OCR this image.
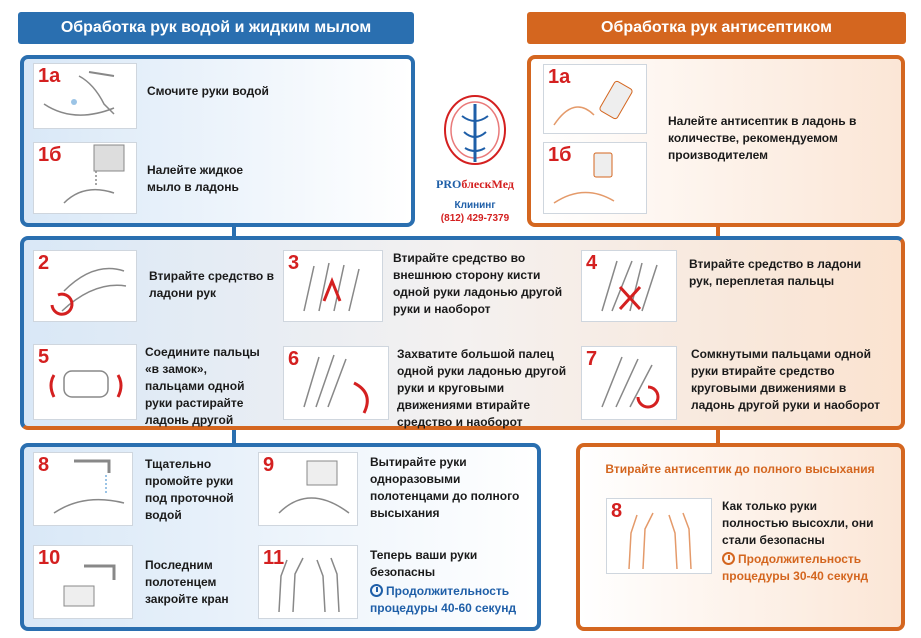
Обработка рук водой и жидким мылом	Обработка рук антисептиком
1а
Смочите руки водой
1б
Налейте жидкое мыло в ладонь	PROблескМед
Клининг
(812) 429-7379
1а
1б
Налейте антисептик в ладонь в количестве, рекомендуемом производителем
2
Втирайте средство в ладони рук
3	Втирайте средство во внешнюю сторону кисти одной руки ладонью другой руки и наоборот
4	Втирайте средство в ладони рук, переплетая пальцы
5	Соедините пальцы «в замок», пальцами одной руки растирайте ладонь другой
6	Захватите большой палец одной руки ладонью другой руки и круговыми движениями втирайте средство и наоборот
7	Сомкнутыми пальцами одной руки втирайте средство круговыми движениями в ладонь другой руки и наоборот
8	Тщательно промойте руки под проточной водой
9	Вытирайте руки одноразовыми полотенцами до полного высыхания
10	Последним полотенцем закройте кран
11	Теперь ваши руки безопасны
Продолжительность процедуры 40-60 секунд
Втирайте антисептик до полного высыхания
8	Как только руки полностью высохли, они стали безопасны
Продолжительность процедуры 30-40 секунд
